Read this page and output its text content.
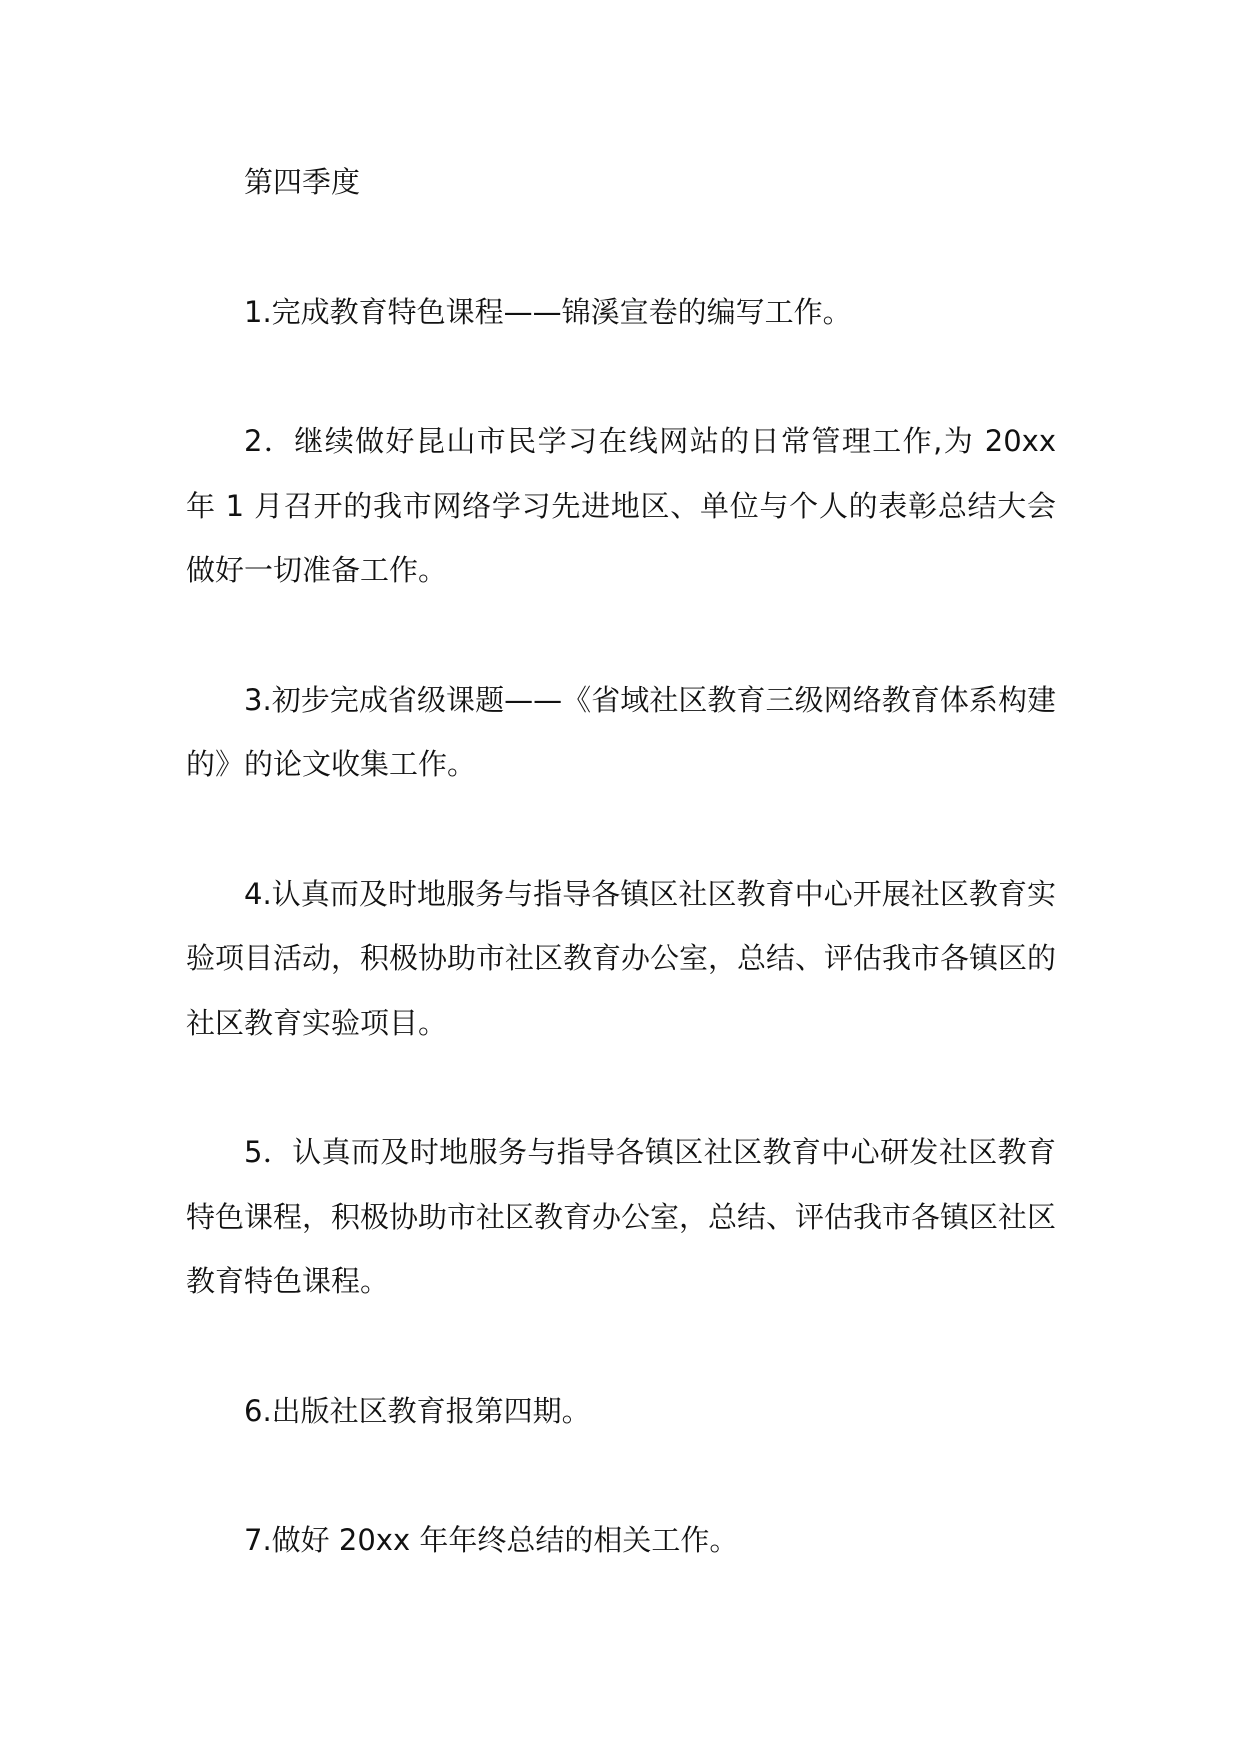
第四季度

1.完成教育特色课程——锦溪宣卷的编写工作。

2．继续做好昆山市民学习在线网站的日常管理工作,为 20xx 年 1 月召开的我市网络学习先进地区、单位与个人的表彰总结大会做好一切准备工作。

3.初步完成省级课题——《省域社区教育三级网络教育体系构建的》的论文收集工作。

4.认真而及时地服务与指导各镇区社区教育中心开展社区教育实验项目活动，积极协助市社区教育办公室，总结、评估我市各镇区的社区教育实验项目。

5．认真而及时地服务与指导各镇区社区教育中心研发社区教育特色课程，积极协助市社区教育办公室，总结、评估我市各镇区社区教育特色课程。

6.出版社区教育报第四期。

7.做好 20xx 年年终总结的相关工作。
